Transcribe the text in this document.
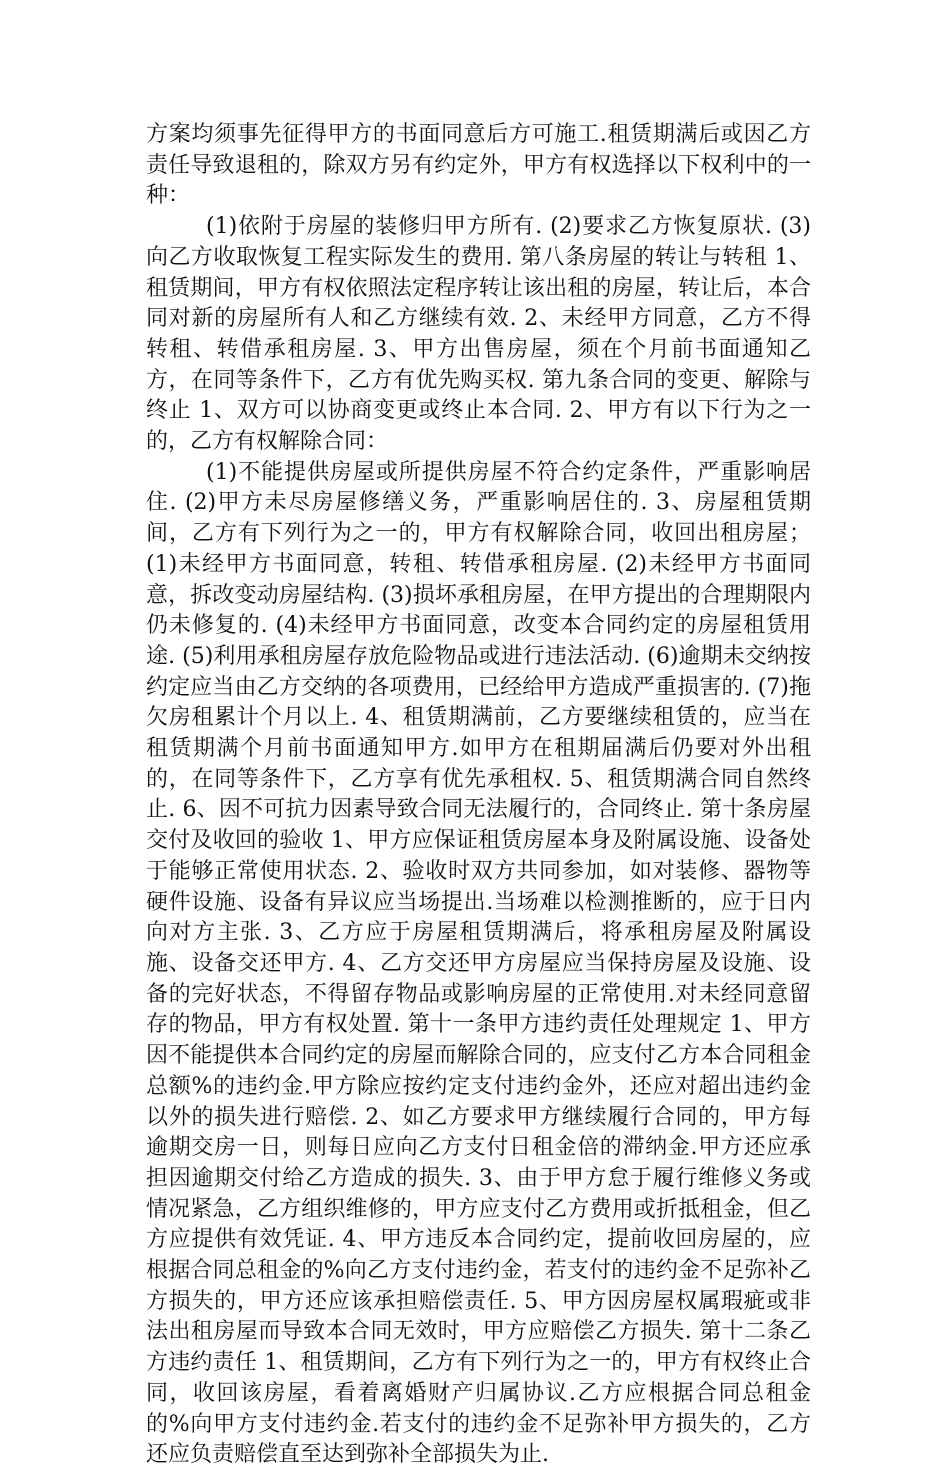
方案均须事先征得甲方的书面同意后方可施工.租赁期满后或因乙方责任导致退租的，除双方另有约定外，甲方有权选择以下权利中的一种：

(1)依附于房屋的装修归甲方所有. (2)要求乙方恢复原状. (3)向乙方收取恢复工程实际发生的费用. 第八条房屋的转让与转租 1、租赁期间，甲方有权依照法定程序转让该出租的房屋，转让后，本合同对新的房屋所有人和乙方继续有效. 2、未经甲方同意，乙方不得转租、转借承租房屋. 3、甲方出售房屋，须在个月前书面通知乙方，在同等条件下，乙方有优先购买权. 第九条合同的变更、解除与终止 1、双方可以协商变更或终止本合同. 2、甲方有以下行为之一的，乙方有权解除合同：

(1)不能提供房屋或所提供房屋不符合约定条件，严重影响居住. (2)甲方未尽房屋修缮义务，严重影响居住的. 3、房屋租赁期间，乙方有下列行为之一的，甲方有权解除合同，收回出租房屋；(1)未经甲方书面同意，转租、转借承租房屋. (2)未经甲方书面同意，拆改变动房屋结构. (3)损坏承租房屋，在甲方提出的合理期限内仍未修复的. (4)未经甲方书面同意，改变本合同约定的房屋租赁用途. (5)利用承租房屋存放危险物品或进行违法活动. (6)逾期未交纳按约定应当由乙方交纳的各项费用，已经给甲方造成严重损害的. (7)拖欠房租累计个月以上. 4、租赁期满前，乙方要继续租赁的，应当在租赁期满个月前书面通知甲方.如甲方在租期届满后仍要对外出租的，在同等条件下，乙方享有优先承租权. 5、租赁期满合同自然终止. 6、因不可抗力因素导致合同无法履行的，合同终止. 第十条房屋交付及收回的验收 1、甲方应保证租赁房屋本身及附属设施、设备处于能够正常使用状态. 2、验收时双方共同参加，如对装修、器物等硬件设施、设备有异议应当场提出.当场难以检测推断的，应于日内向对方主张. 3、乙方应于房屋租赁期满后，将承租房屋及附属设施、设备交还甲方. 4、乙方交还甲方房屋应当保持房屋及设施、设备的完好状态，不得留存物品或影响房屋的正常使用.对未经同意留存的物品，甲方有权处置. 第十一条甲方违约责任处理规定 1、甲方因不能提供本合同约定的房屋而解除合同的，应支付乙方本合同租金总额%的违约金.甲方除应按约定支付违约金外，还应对超出违约金以外的损失进行赔偿. 2、如乙方要求甲方继续履行合同的，甲方每逾期交房一日，则每日应向乙方支付日租金倍的滞纳金.甲方还应承担因逾期交付给乙方造成的损失. 3、由于甲方怠于履行维修义务或情况紧急，乙方组织维修的，甲方应支付乙方费用或折抵租金，但乙方应提供有效凭证. 4、甲方违反本合同约定，提前收回房屋的，应根据合同总租金的%向乙方支付违约金，若支付的违约金不足弥补乙方损失的，甲方还应该承担赔偿责任. 5、甲方因房屋权属瑕疵或非法出租房屋而导致本合同无效时，甲方应赔偿乙方损失. 第十二条乙方违约责任 1、租赁期间，乙方有下列行为之一的，甲方有权终止合同，收回该房屋，看着离婚财产归属协议.乙方应根据合同总租金的%向甲方支付违约金.若支付的违约金不足弥补甲方损失的，乙方还应负责赔偿直至达到弥补全部损失为止.
